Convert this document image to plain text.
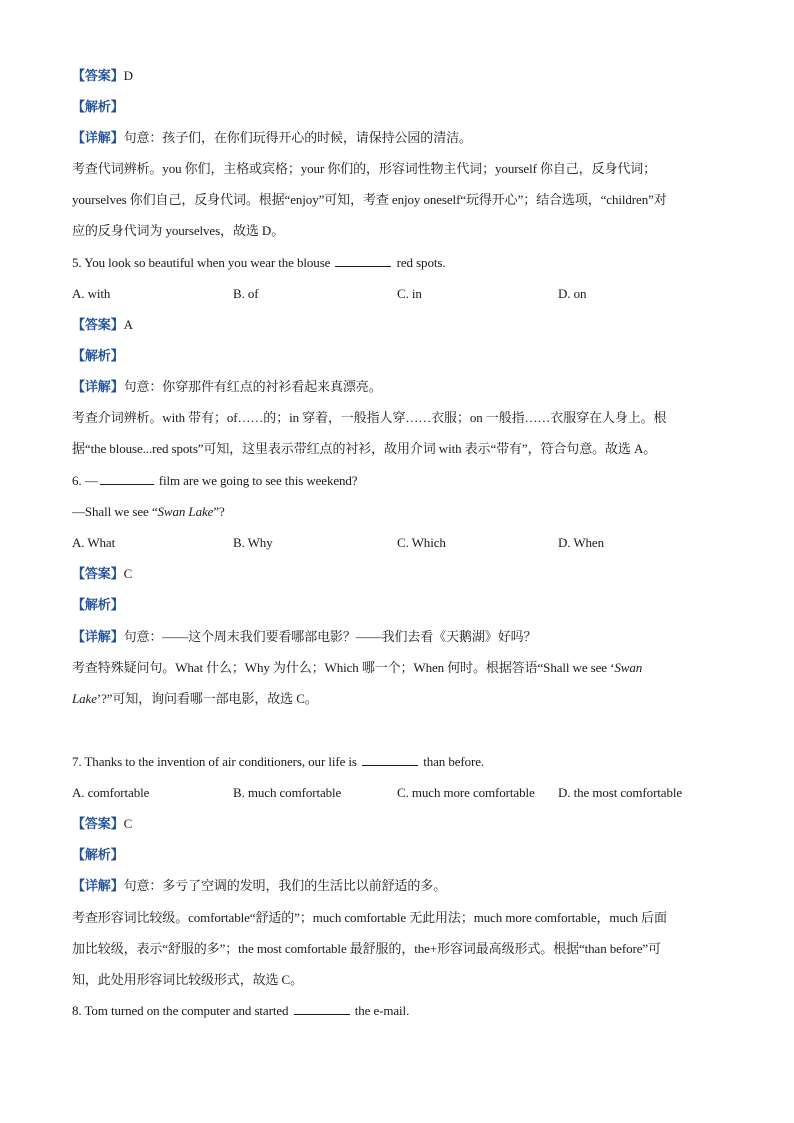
【答案】D
【解析】
【详解】句意：孩子们，在你们玩得开心的时候，请保持公园的清洁。
考查代词辨析。you 你们，主格或宾格；your 你们的，形容词性物主代词；yourself 你自己，反身代词；
yourselves 你们自己，反身代词。根据“enjoy”可知，考查 enjoy oneself“玩得开心”；结合选项，“children”对
应的反身代词为 yourselves，故选 D。
5. You look so beautiful when you wear the blouse	red spots.
A. with	B. of	C. in	D. on
【答案】A
【解析】
【详解】句意：你穿那件有红点的衬衫看起来真漂亮。
考查介词辨析。with 带有；of……的；in 穿着，一般指人穿……衣服；on 一般指……衣服穿在人身上。根
据“the blouse...red spots”可知，这里表示带红点的衬衫，故用介词 with 表示“带有”，符合句意。故选 A。
6. —	film are we going to see this weekend?
—Shall we see “Swan Lake”?
A. What	B. Why	C. Which	D. When
【答案】C
【解析】
【详解】句意：——这个周末我们要看哪部电影？——我们去看《天鹅湖》好吗？
考查特殊疑问句。What 什么；Why 为什么；Which 哪一个；When 何时。根据答语“Shall we see ‘Swan
Lake’?”可知，询问看哪一部电影，故选 C。
7. Thanks to the invention of air conditioners, our life is	than before.
A. comfortable	B. much comfortable	C. much more comfortable D. the most comfortable
【答案】C
【解析】
【详解】句意：多亏了空调的发明，我们的生活比以前舒适的多。
考查形容词比较级。comfortable“舒适的”；much comfortable 无此用法；much more comfortable，much 后面
加比较级，表示“舒服的多”；the most comfortable 最舒服的，the+形容词最高级形式。根据“than before”可
知，此处用形容词比较级形式，故选 C。
8. Tom turned on the computer and started	the e-mail.
